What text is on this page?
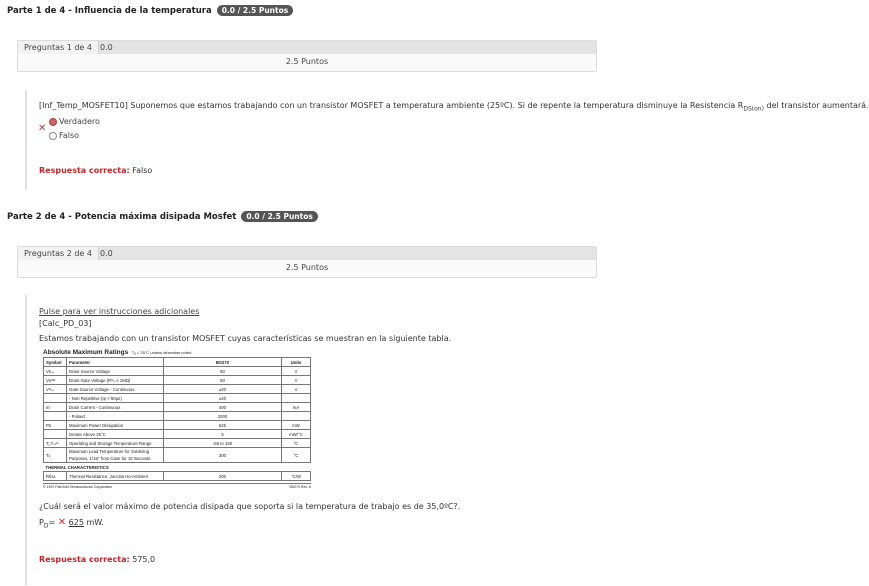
Parte 1 de 4 - Influencia de la temperatura 0.0 / 2.5 Puntos
Preguntas 1 de 4	0.0
2.5 Puntos
[Inf_Temp_MOSFET10] Suponemos que estamos trabajando con un transistor MOSFET a temperatura ambiente (25ºC). Si de repente la temperatura disminuye la Resistencia $R_{DS(on)}$ del transistor aumentará.
✕
Verdadero
Falso
Respuesta correcta: Falso
Parte 2 de 4 - Potencia máxima disipada Mosfet 0.0 / 2.5 Puntos
Preguntas 2 de 4	0.0
2.5 Puntos
Pulse para ver instrucciones adicionales
[Calc_PD_03]
Estamos trabajando con un transistor MOSFET cuyas características se muestran en la siguiente tabla.
¿Cuál será el valor máximo de potencia disipada que soporta si la temperatura de trabajo es de 35,0ºC?.
$P_D=$ ✕ 625 mW.
Respuesta correcta: 575,0
Absolute Maximum Ratings Tₐ = 25°C unless otherwise noted
Symbol	Parameter	BS270	Units
Vᴅₛₛ	Drain-Source Voltage	60	V
Vᴅᴳᴿ	Drain-Gate Voltage (Rᴳₛ ≤ 1MΩ)	60	V
Vᴳₛₛ	Gate-Source Voltage - Continuous	±20	V
	- Non Repetitive (tp < 50µs)	±40	
Iᴅ	Drain Current - Continuous	400	mA
	- Pulsed	2000	
Pᴅ	Maximum Power Dissipation	625	mW
	Derate Above 25°C	5	mW/°C
Tⱼ,Tₛₜᴳ	Operating and Storage Temperature Range	-55 to 150	°C
Tʟ	Maximum Lead Temperature for Soldering Purposes, 1/16" from Case for 10 Seconds	300	°C
THERMAL CHARACTERISTICS			
Rθᴊᴀ	Thermal Resistance, Junction-to-Ambient	200	°C/W
© 1997 Fairchild Semiconductor Corporation	BS270 Rev. A
